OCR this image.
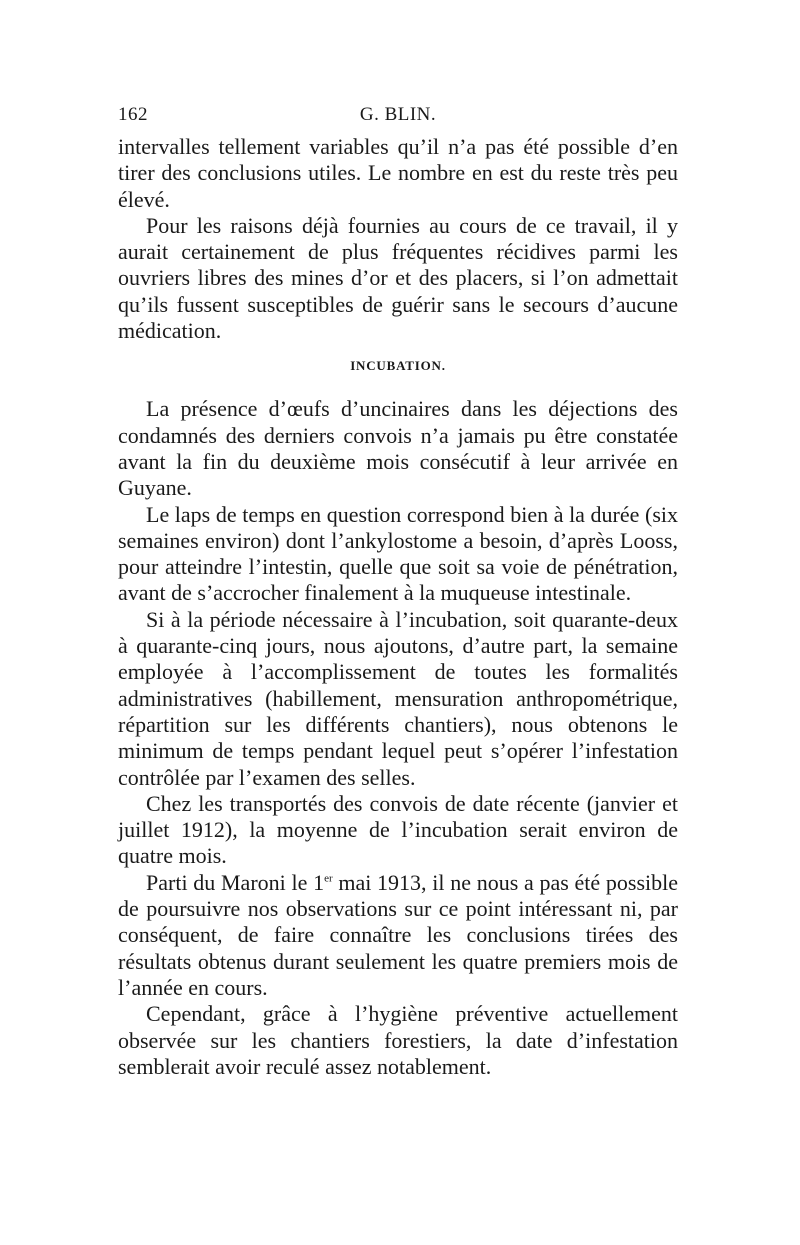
162	G. BLIN.

intervalles tellement variables qu’il n’a pas été possible d’en tirer des conclusions utiles. Le nombre en est du reste très peu élevé.

Pour les raisons déjà fournies au cours de ce travail, il y aurait certainement de plus fréquentes récidives parmi les ouvriers libres des mines d’or et des placers, si l’on admettait qu’ils fussent susceptibles de guérir sans le secours d’aucune médication.

INCUBATION.

La présence d’œufs d’uncinaires dans les déjections des condamnés des derniers convois n’a jamais pu être constatée avant la fin du deuxième mois consécutif à leur arrivée en Guyane.

Le laps de temps en question correspond bien à la durée (six semaines environ) dont l’ankylostome a besoin, d’après Looss, pour atteindre l’intestin, quelle que soit sa voie de pénétration, avant de s’accrocher finalement à la muqueuse intestinale.

Si à la période nécessaire à l’incubation, soit quarante-deux à quarante-cinq jours, nous ajoutons, d’autre part, la semaine employée à l’accomplissement de toutes les formalités administratives (habillement, mensuration anthropométrique, répartition sur les différents chantiers), nous obtenons le minimum de temps pendant lequel peut s’opérer l’infestation contrôlée par l’examen des selles.

Chez les transportés des convois de date récente (janvier et juillet 1912), la moyenne de l’incubation serait environ de quatre mois.

Parti du Maroni le 1er mai 1913, il ne nous a pas été possible de poursuivre nos observations sur ce point intéressant ni, par conséquent, de faire connaître les conclusions tirées des résultats obtenus durant seulement les quatre premiers mois de l’année en cours.

Cependant, grâce à l’hygiène préventive actuellement observée sur les chantiers forestiers, la date d’infestation semblerait avoir reculé assez notablement.
